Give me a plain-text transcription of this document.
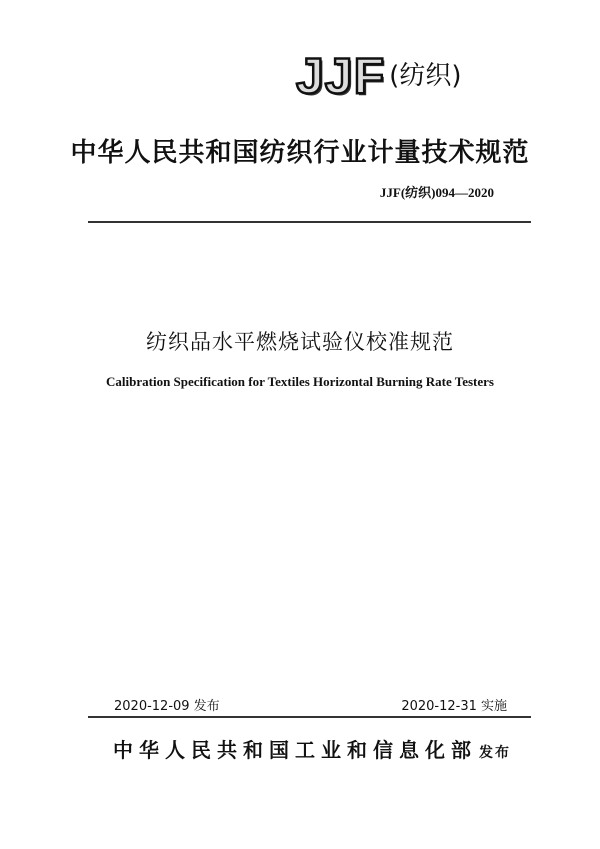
JJF (纺织)
中华人民共和国纺织行业计量技术规范
JJF(纺织)094—2020
纺织品水平燃烧试验仪校准规范
Calibration Specification for Textiles Horizontal Burning Rate Testers
2020-12-09 发布	2020-12-31 实施
中华人民共和国工业和信息化部 发布
